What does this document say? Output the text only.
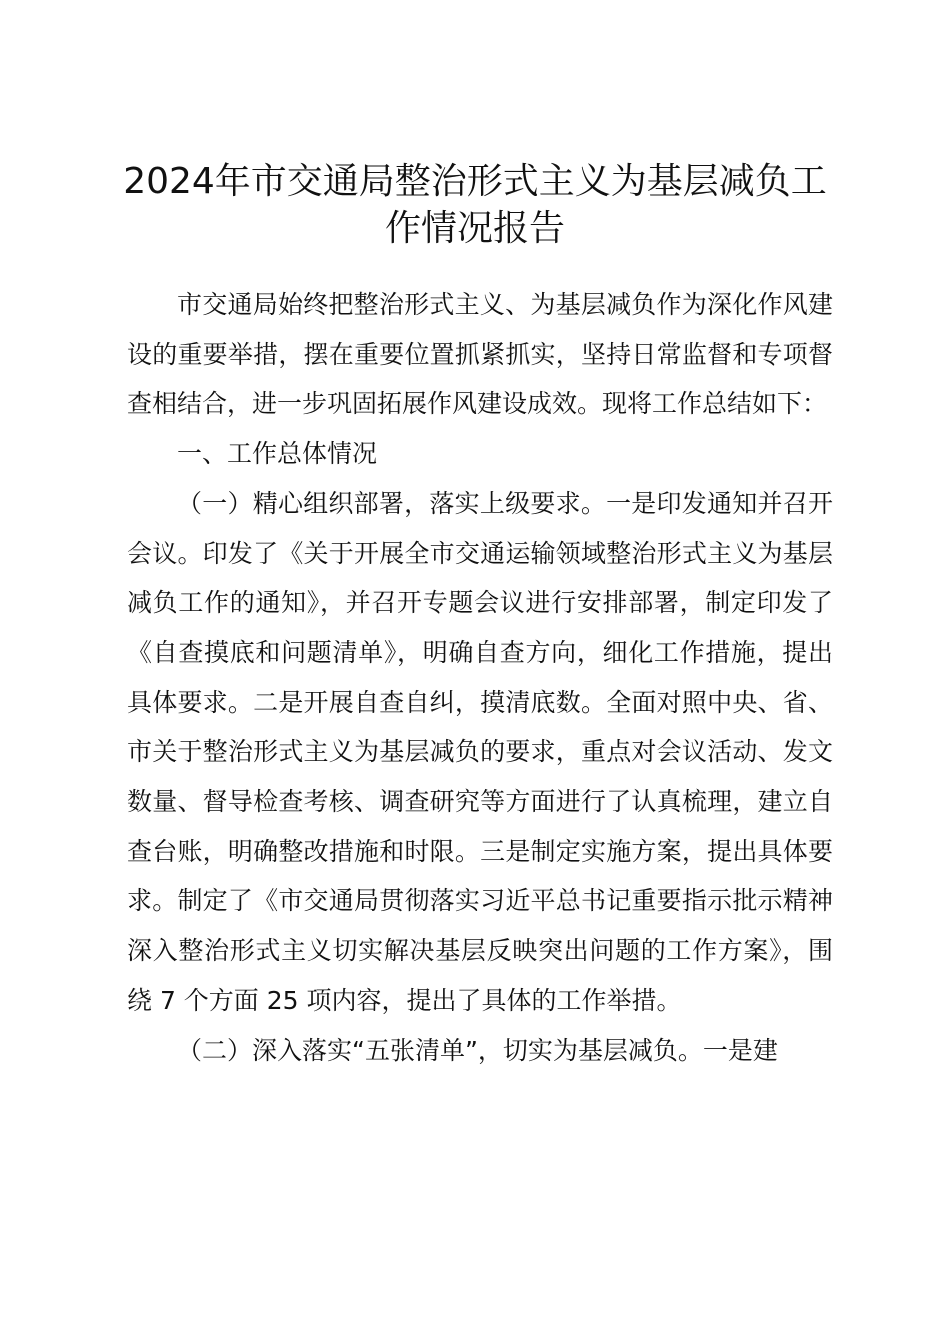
2024年市交通局整治形式主义为基层减负工作情况报告

市交通局始终把整治形式主义、为基层减负作为深化作风建设的重要举措，摆在重要位置抓紧抓实，坚持日常监督和专项督查相结合，进一步巩固拓展作风建设成效。现将工作总结如下：

一、工作总体情况

（一）精心组织部署，落实上级要求。一是印发通知并召开会议。印发了《关于开展全市交通运输领域整治形式主义为基层减负工作的通知》，并召开专题会议进行安排部署，制定印发了《自查摸底和问题清单》，明确自查方向，细化工作措施，提出具体要求。二是开展自查自纠，摸清底数。全面对照中央、省、市关于整治形式主义为基层减负的要求，重点对会议活动、发文数量、督导检查考核、调查研究等方面进行了认真梳理，建立自查台账，明确整改措施和时限。三是制定实施方案，提出具体要求。制定了《市交通局贯彻落实习近平总书记重要指示批示精神深入整治形式主义切实解决基层反映突出问题的工作方案》，围绕 7 个方面 25 项内容，提出了具体的工作举措。

（二）深入落实“五张清单”，切实为基层减负。一是建
